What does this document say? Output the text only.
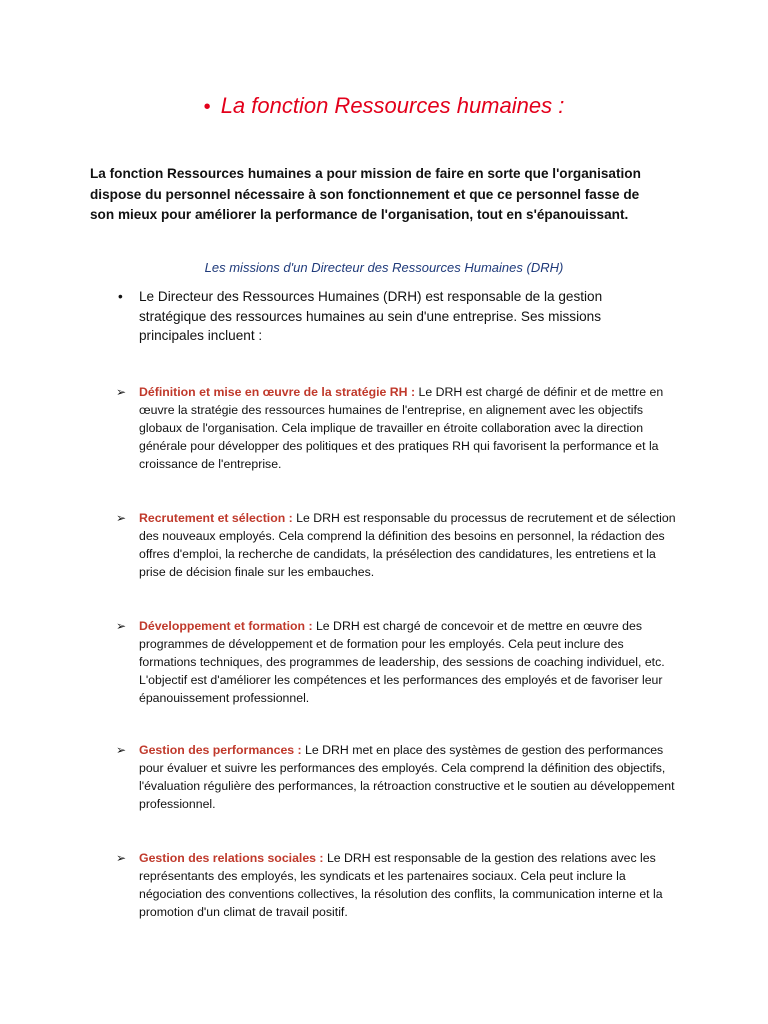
• La fonction Ressources humaines :
La fonction Ressources humaines a pour mission de faire en sorte que l'organisation dispose du personnel nécessaire à son fonctionnement et que ce personnel fasse de son mieux pour améliorer la performance de l'organisation, tout en s'épanouissant.
Les missions d'un Directeur des Ressources Humaines (DRH)
• Le Directeur des Ressources Humaines (DRH) est responsable de la gestion stratégique des ressources humaines au sein d'une entreprise. Ses missions principales incluent :
➢ Définition et mise en œuvre de la stratégie RH : Le DRH est chargé de définir et de mettre en œuvre la stratégie des ressources humaines de l'entreprise, en alignement avec les objectifs globaux de l'organisation. Cela implique de travailler en étroite collaboration avec la direction générale pour développer des politiques et des pratiques RH qui favorisent la performance et la croissance de l'entreprise.
➢ Recrutement et sélection : Le DRH est responsable du processus de recrutement et de sélection des nouveaux employés. Cela comprend la définition des besoins en personnel, la rédaction des offres d'emploi, la recherche de candidats, la présélection des candidatures, les entretiens et la prise de décision finale sur les embauches.
➢ Développement et formation : Le DRH est chargé de concevoir et de mettre en œuvre des programmes de développement et de formation pour les employés. Cela peut inclure des formations techniques, des programmes de leadership, des sessions de coaching individuel, etc. L'objectif est d'améliorer les compétences et les performances des employés et de favoriser leur épanouissement professionnel.
➢ Gestion des performances : Le DRH met en place des systèmes de gestion des performances pour évaluer et suivre les performances des employés. Cela comprend la définition des objectifs, l'évaluation régulière des performances, la rétroaction constructive et le soutien au développement professionnel.
➢ Gestion des relations sociales : Le DRH est responsable de la gestion des relations avec les représentants des employés, les syndicats et les partenaires sociaux. Cela peut inclure la négociation des conventions collectives, la résolution des conflits, la communication interne et la promotion d'un climat de travail positif.
